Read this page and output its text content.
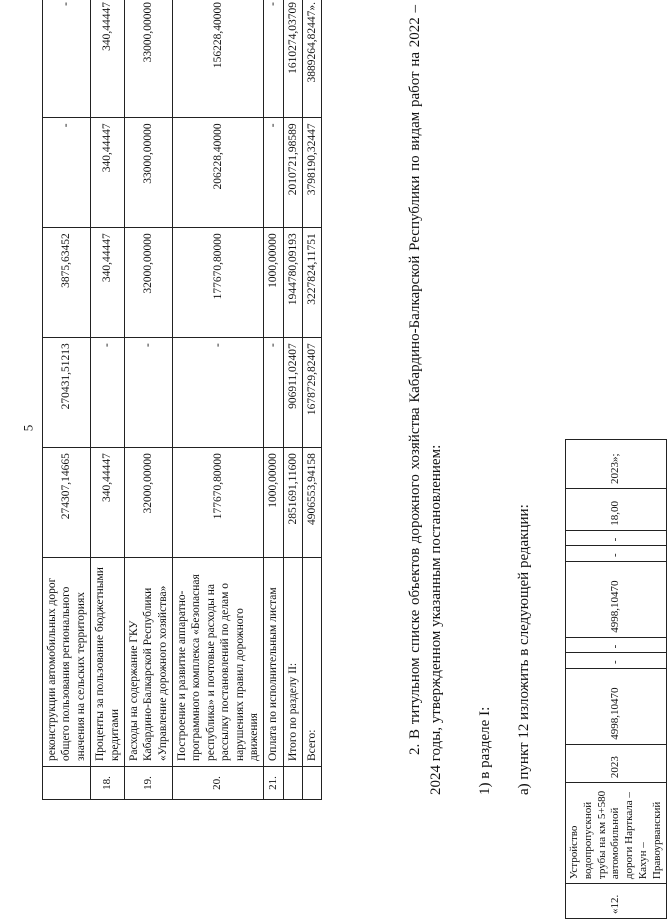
5
	реконструкции автомобильных дорог общего пользования регионального значения на сельских территориях	274307,14665	270431,51213	3875,63452	-	-
18.	Проценты за пользование бюджетными кредитами	340,44447	-	340,44447	340,44447	340,44447
19.	Расходы на содержание ГКУ Кабардино-Балкарской Республики «Управление дорожного хозяйства»	32000,00000	-	32000,00000	33000,00000	33000,00000
20.	Построение и развитие аппаратно-программного комплекса «Безопасная республика» и почтовые расходы на рассылку постановлений по делам о нарушениях правил дорожного движения	177670,80000	-	177670,80000	206228,40000	156228,40000
21.	Оплата по исполнительным листам	1000,00000	-	1000,00000	-	-
	Итого по разделу II:	2851691,11600	906911,02407	1944780,09193	2010721,98589	1610274,03709
	Всего:	4906553,94158	1678729,82407	3227824,11751	3798190,32447	3889264,82447».	2. В титульном списке объектов дорожного хозяйства Кабардино-Балкарской Республики по видам работ на 2022 – 2024 годы, утвержденном указанным постановлением: 1) в разделе I: а) пункт 12 изложить в следующей редакции:
«12.	Устройство водопропускной трубы на км 5+580 автомобильной дороги Нарткала – Кахун – Правоурванский	2023	4998,10470	-	-	4998,10470	-	-	18,00	2023»;
